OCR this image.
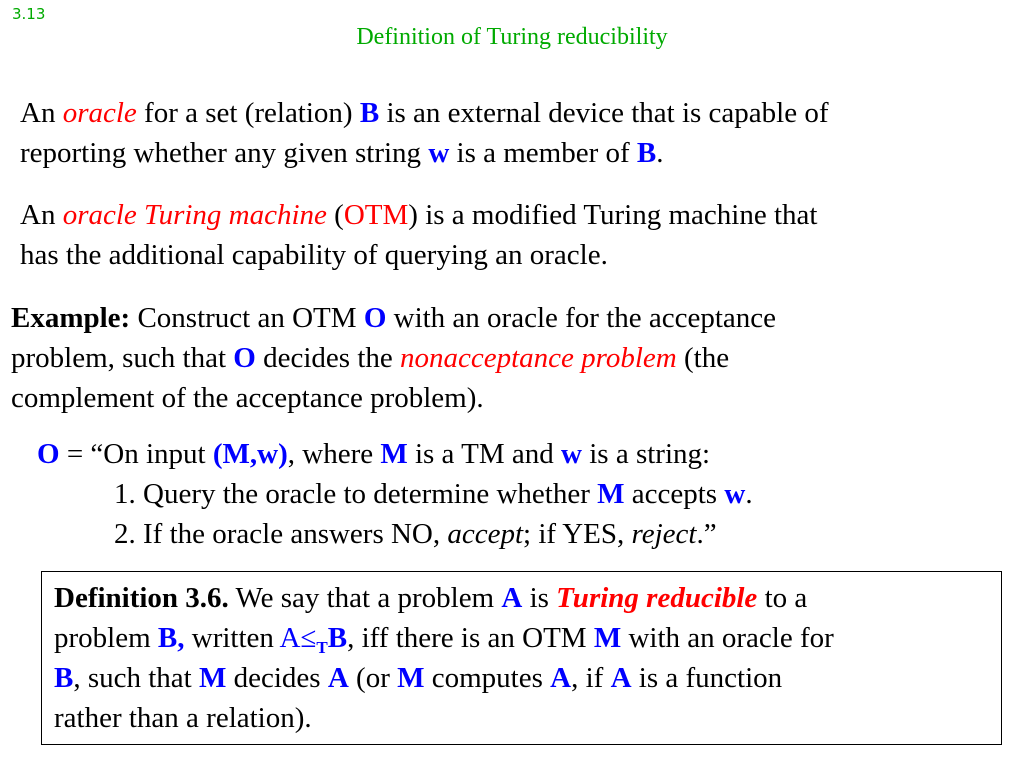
3.13
Definition of Turing reducibility

An oracle for a set (relation) B is an external device that is capable of
reporting whether any given string w is a member of B.

An oracle Turing machine (OTM) is a modified Turing machine that
has the additional capability of querying an oracle.

Example: Construct an OTM O with an oracle for the acceptance
problem, such that O decides the nonacceptance problem (the
complement of the acceptance problem).

O = “On input (M,w), where M is a TM and w is a string:
1. Query the oracle to determine whether M accepts w.
2. If the oracle answers NO, accept; if YES, reject.”

Definition 3.6. We say that a problem A is Turing reducible to a
problem B, written $A\le_TB$, iff there is an OTM M with an oracle for
B, such that M decides A (or M computes A, if A is a function
rather than a relation).
